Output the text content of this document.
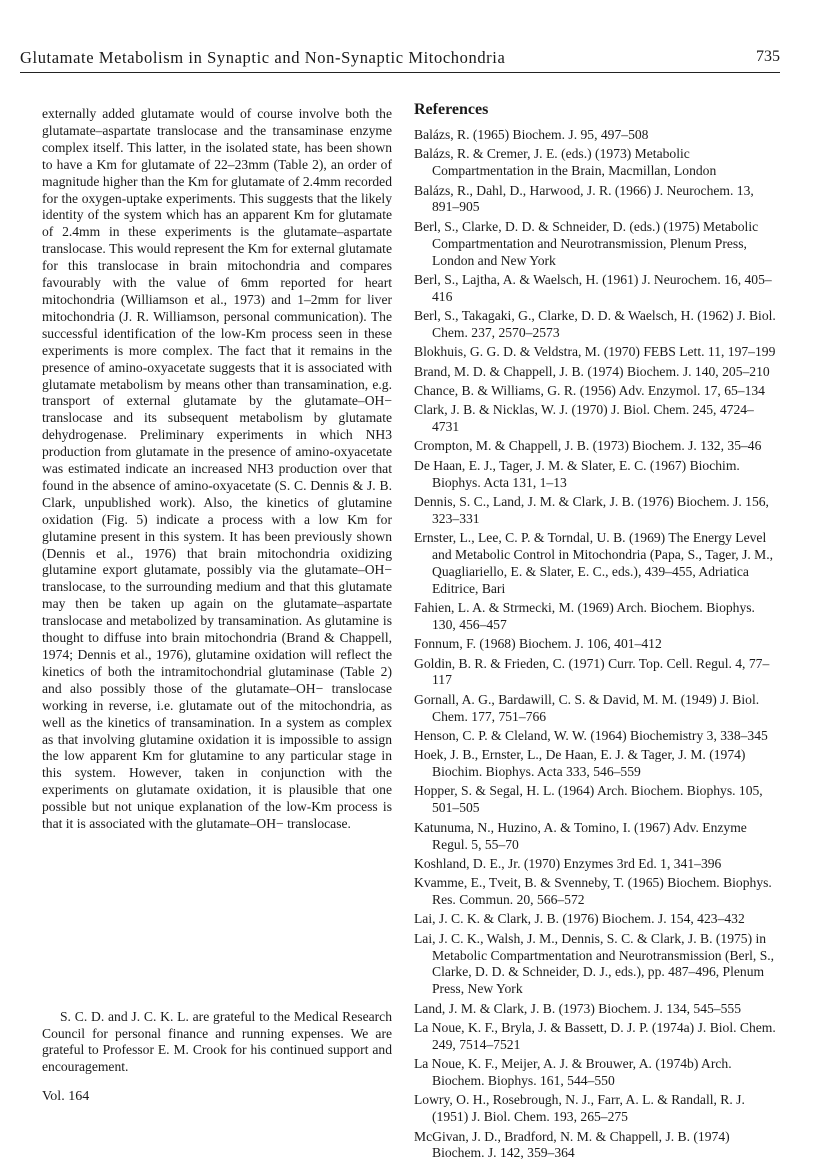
Glutamate Metabolism in Synaptic and Non-Synaptic Mitochondria	735

externally added glutamate would of course involve both the glutamate–aspartate translocase and the transaminase enzyme complex itself. This latter, in the isolated state, has been shown to have a Km for glutamate of 22–23mm (Table 2), an order of magnitude higher than the Km for glutamate of 2.4mm recorded for the oxygen-uptake experiments. This suggests that the likely identity of the system which has an apparent Km for glutamate of 2.4mm in these experiments is the glutamate–aspartate translocase. This would represent the Km for external glutamate for this translocase in brain mitochondria and compares favourably with the value of 6mm reported for heart mitochondria (Williamson et al., 1973) and 1–2mm for liver mitochondria (J. R. Williamson, personal communication). The successful identification of the low-Km process seen in these experiments is more complex. The fact that it remains in the presence of amino-oxyacetate suggests that it is associated with glutamate metabolism by means other than transamination, e.g. transport of external glutamate by the glutamate–OH− translocase and its subsequent metabolism by glutamate dehydrogenase. Preliminary experiments in which NH3 production from glutamate in the presence of amino-oxyacetate was estimated indicate an increased NH3 production over that found in the absence of amino-oxyacetate (S. C. Dennis & J. B. Clark, unpublished work). Also, the kinetics of glutamine oxidation (Fig. 5) indicate a process with a low Km for glutamine present in this system. It has been previously shown (Dennis et al., 1976) that brain mitochondria oxidizing glutamine export glutamate, possibly via the glutamate–OH− translocase, to the surrounding medium and that this glutamate may then be taken up again on the glutamate–aspartate translocase and metabolized by transamination. As glutamine is thought to diffuse into brain mitochondria (Brand & Chappell, 1974; Dennis et al., 1976), glutamine oxidation will reflect the kinetics of both the intramitochondrial glutaminase (Table 2) and also possibly those of the glutamate–OH− translocase working in reverse, i.e. glutamate out of the mitochondria, as well as the kinetics of transamination. In a system as complex as that involving glutamine oxidation it is impossible to assign the low apparent Km for glutamine to any particular stage in this system. However, taken in conjunction with the experiments on glutamate oxidation, it is plausible that one possible but not unique explanation of the low-Km process is that it is associated with the glutamate–OH− translocase.

S. C. D. and J. C. K. L. are grateful to the Medical Research Council for personal finance and running expenses. We are grateful to Professor E. M. Crook for his continued support and encouragement.

Vol. 164
References
Balázs, R. (1965) Biochem. J. 95, 497–508
Balázs, R. & Cremer, J. E. (eds.) (1973) Metabolic Compartmentation in the Brain, Macmillan, London
Balázs, R., Dahl, D., Harwood, J. R. (1966) J. Neurochem. 13, 891–905
Berl, S., Clarke, D. D. & Schneider, D. (eds.) (1975) Metabolic Compartmentation and Neurotransmission, Plenum Press, London and New York
Berl, S., Lajtha, A. & Waelsch, H. (1961) J. Neurochem. 16, 405–416
Berl, S., Takagaki, G., Clarke, D. D. & Waelsch, H. (1962) J. Biol. Chem. 237, 2570–2573
Blokhuis, G. G. D. & Veldstra, M. (1970) FEBS Lett. 11, 197–199
Brand, M. D. & Chappell, J. B. (1974) Biochem. J. 140, 205–210
Chance, B. & Williams, G. R. (1956) Adv. Enzymol. 17, 65–134
Clark, J. B. & Nicklas, W. J. (1970) J. Biol. Chem. 245, 4724–4731
Crompton, M. & Chappell, J. B. (1973) Biochem. J. 132, 35–46
De Haan, E. J., Tager, J. M. & Slater, E. C. (1967) Biochim. Biophys. Acta 131, 1–13
Dennis, S. C., Land, J. M. & Clark, J. B. (1976) Biochem. J. 156, 323–331
Ernster, L., Lee, C. P. & Torndal, U. B. (1969) The Energy Level and Metabolic Control in Mitochondria (Papa, S., Tager, J. M., Quagliariello, E. & Slater, E. C., eds.), 439–455, Adriatica Editrice, Bari
Fahien, L. A. & Strmecki, M. (1969) Arch. Biochem. Biophys. 130, 456–457
Fonnum, F. (1968) Biochem. J. 106, 401–412
Goldin, B. R. & Frieden, C. (1971) Curr. Top. Cell. Regul. 4, 77–117
Gornall, A. G., Bardawill, C. S. & David, M. M. (1949) J. Biol. Chem. 177, 751–766
Henson, C. P. & Cleland, W. W. (1964) Biochemistry 3, 338–345
Hoek, J. B., Ernster, L., De Haan, E. J. & Tager, J. M. (1974) Biochim. Biophys. Acta 333, 546–559
Hopper, S. & Segal, H. L. (1964) Arch. Biochem. Biophys. 105, 501–505
Katunuma, N., Huzino, A. & Tomino, I. (1967) Adv. Enzyme Regul. 5, 55–70
Koshland, D. E., Jr. (1970) Enzymes 3rd Ed. 1, 341–396
Kvamme, E., Tveit, B. & Svenneby, T. (1965) Biochem. Biophys. Res. Commun. 20, 566–572
Lai, J. C. K. & Clark, J. B. (1976) Biochem. J. 154, 423–432
Lai, J. C. K., Walsh, J. M., Dennis, S. C. & Clark, J. B. (1975) in Metabolic Compartmentation and Neurotransmission (Berl, S., Clarke, D. D. & Schneider, D. J., eds.), pp. 487–496, Plenum Press, New York
Land, J. M. & Clark, J. B. (1973) Biochem. J. 134, 545–555
La Noue, K. F., Bryla, J. & Bassett, D. J. P. (1974a) J. Biol. Chem. 249, 7514–7521
La Noue, K. F., Meijer, A. J. & Brouwer, A. (1974b) Arch. Biochem. Biophys. 161, 544–550
Lowry, O. H., Rosebrough, N. J., Farr, A. L. & Randall, R. J. (1951) J. Biol. Chem. 193, 265–275
McGivan, J. D., Bradford, N. M. & Chappell, J. B. (1974) Biochem. J. 142, 359–364
